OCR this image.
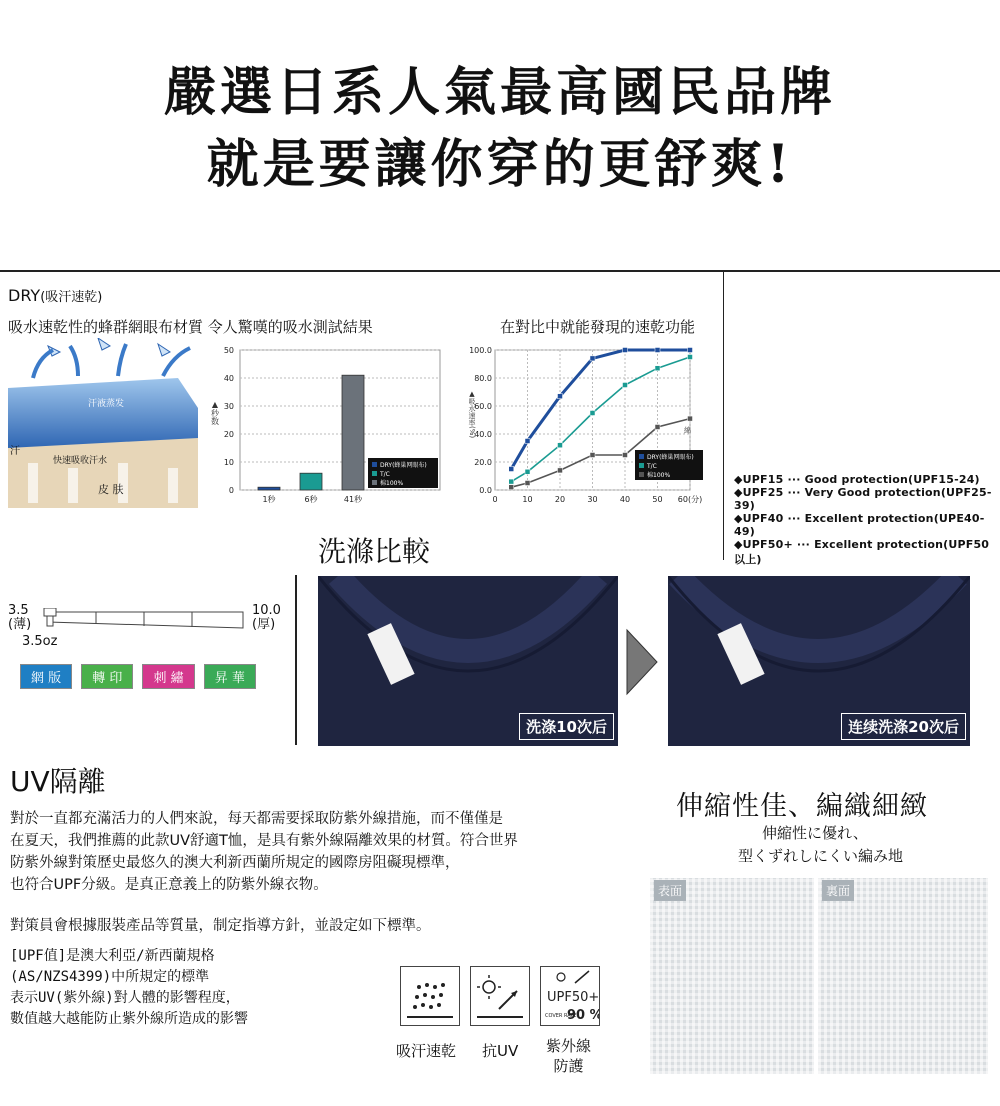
嚴選日系人氣最高國民品牌
就是要讓你穿的更舒爽!
DRY(吸汗速乾)
吸水速乾性的蜂群網眼布材質 令人驚嘆的吸水測試結果	在對比中就能發現的速乾功能
汗液蒸发
汗
快速吸收汗水
皮 肤	0
10
20
30
40
50
▲秒数
1秒	6秒	41秒
DRY(蜂巢网眼布)
T/C
棉100%
0.0
20.0
40.0
60.0
80.0
100.0
0	10	20	30	40	50 60(分)
▲吸水速率(%)	綿
DRY(蜂巢网眼布)
T/C
棉100%	◆UPF15 ··· Good protection(UPF15-24)
◆UPF25 ··· Very Good protection(UPF25-39)
◆UPF40 ··· Excellent protection(UPE40-49)
◆UPF50+ ··· Excellent protection(UPF50以上)
洗滌比較
洗涤10次后	连续洗涤20次后
3.5
(薄)
10.0
(厚)
3.5oz
網 版 轉 印 刺 繡 昇 華
UV隔離
對於一直都充滿活力的人們來說，每天都需要採取防紫外線措施，而不僅僅是
在夏天，我們推薦的此款UV舒適T恤，是具有紫外線隔離效果的材質。符合世界
防紫外線對策歷史最悠久的澳大利新西蘭所規定的國際房阻礙現標準，
也符合UPF分級。是真正意義上的防紫外線衣物。
對策員會根據服裝產品等質量，制定指導方針，並設定如下標準。
[UPF值]是澳大利亞/新西蘭規格
(AS/NZS4399)中所規定的標準
表示UV(紫外線)對人體的影響程度，
數值越大越能防止紫外線所造成的影響
UPF50+
COVER RATE
90
吸汗速乾 抗UV 紫外線
防護
伸縮性佳、編織細緻
伸縮性に優れ、
型くずれしにくい編み地
表面	裏面
